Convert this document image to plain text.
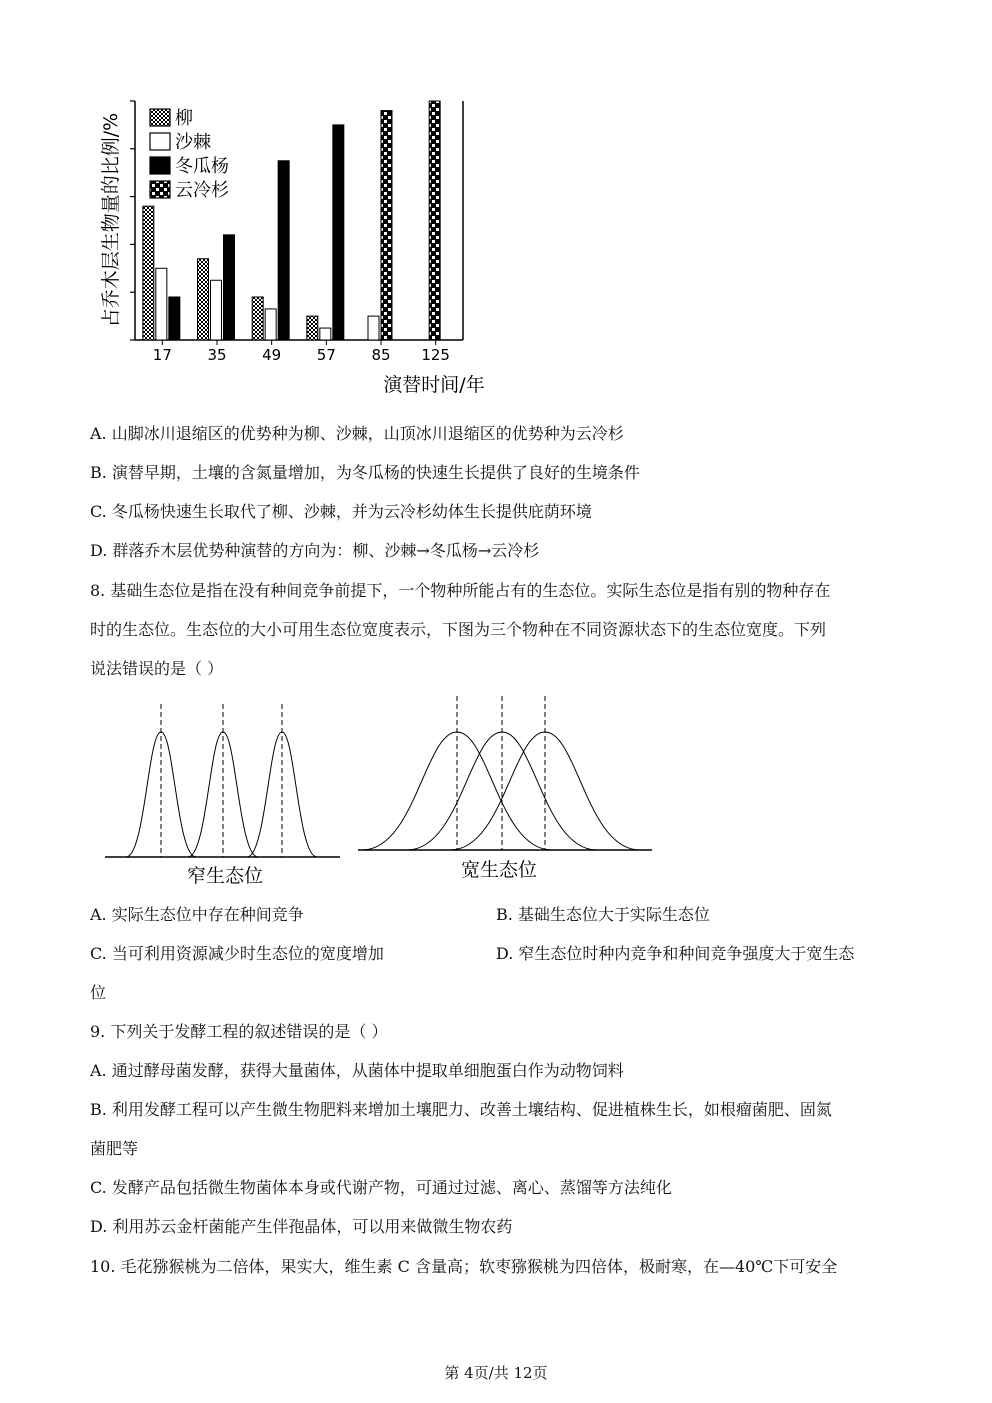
占乔木层生物量的比例/%
17 35 49 57 85 125
柳
沙棘
冬瓜杨
云冷杉
演替时间/年
A. 山脚冰川退缩区的优势种为柳、沙棘，山顶冰川退缩区的优势种为云冷杉
B. 演替早期，土壤的含氮量增加，为冬瓜杨的快速生长提供了良好的生境条件
C. 冬瓜杨快速生长取代了柳、沙棘，并为云冷杉幼体生长提供庇荫环境
D. 群落乔木层优势种演替的方向为：柳、沙棘→冬瓜杨→云冷杉
8. 基础生态位是指在没有种间竞争前提下，一个物种所能占有的生态位。实际生态位是指有别的物种存在
时的生态位。生态位的大小可用生态位宽度表示，下图为三个物种在不同资源状态下的生态位宽度。下列
说法错误的是（ ）
窄生态位	宽生态位
A. 实际生态位中存在种间竞争	B. 基础生态位大于实际生态位
C. 当可利用资源减少时生态位的宽度增加	D. 窄生态位时种内竞争和种间竞争强度大于宽生态
位
9. 下列关于发酵工程的叙述错误的是（ ）
A. 通过酵母菌发酵，获得大量菌体，从菌体中提取单细胞蛋白作为动物饲料
B. 利用发酵工程可以产生微生物肥料来增加土壤肥力、改善土壤结构、促进植株生长，如根瘤菌肥、固氮
菌肥等
C. 发酵产品包括微生物菌体本身或代谢产物，可通过过滤、离心、蒸馏等方法纯化
D. 利用苏云金杆菌能产生伴孢晶体，可以用来做微生物农药
10. 毛花猕猴桃为二倍体，果实大，维生素 C 含量高；软枣猕猴桃为四倍体，极耐寒，在—40℃下可安全
第 4页/共 12页
